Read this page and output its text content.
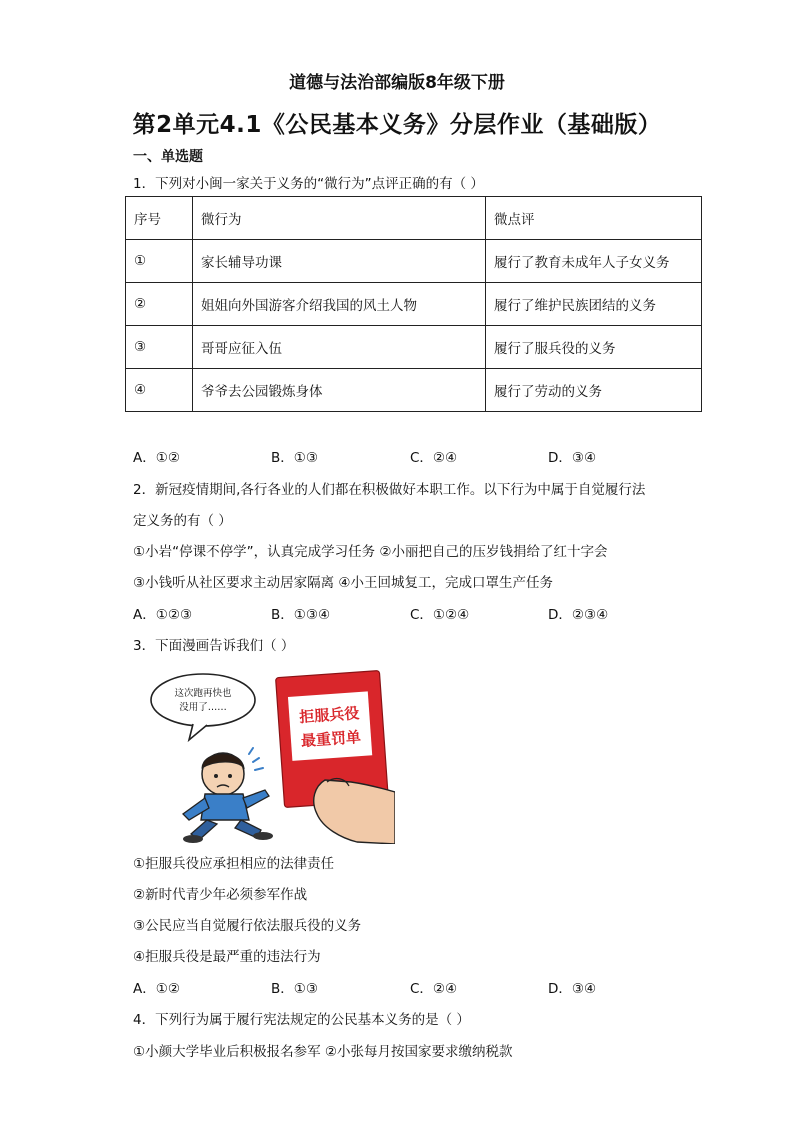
道德与法治部编版8年级下册
第2单元4.1《公民基本义务》分层作业（基础版）
一、单选题
1．下列对小闽一家关于义务的“微行为”点评正确的有（ ）
序号	微行为	微点评
①	家长辅导功课	履行了教育未成年人子女义务
②	姐姐向外国游客介绍我国的风土人物	履行了维护民族团结的义务
③	哥哥应征入伍	履行了服兵役的义务
④	爷爷去公园锻炼身体	履行了劳动的义务
A．①②	B．①③	C．②④	D．③④
2．新冠疫情期间,各行各业的人们都在积极做好本职工作。以下行为中属于自觉履行法
定义务的有（ ）
①小岩“停课不停学”，认真完成学习任务 ②小丽把自己的压岁钱捐给了红十字会
③小钱听从社区要求主动居家隔离 ④小王回城复工，完成口罩生产任务
A．①②③	B．①③④	C．①②④	D．②③④
3．下面漫画告诉我们（ ）
这次跑再快也
没用了……	拒服兵役
最重罚单
①拒服兵役应承担相应的法律责任
②新时代青少年必须参军作战
③公民应当自觉履行依法服兵役的义务
④拒服兵役是最严重的违法行为
A．①②	B．①③	C．②④	D．③④
4．下列行为属于履行宪法规定的公民基本义务的是（ ）
①小颜大学毕业后积极报名参军 ②小张每月按国家要求缴纳税款
